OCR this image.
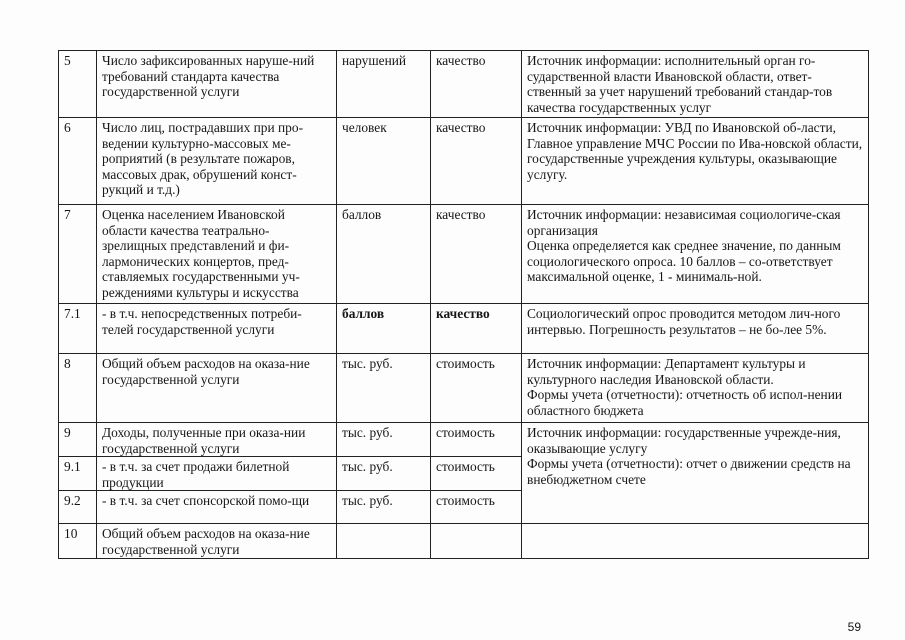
5	Число зафиксированных наруше-ний требований стандарта качества государственной услуги	нарушений	качество	Источник информации: исполнительный орган го-сударственной власти Ивановской области, ответ-ственный за учет нарушений требований стандар-тов качества государственных услуг
6	Число лиц, пострадавших при про-ведении культурно-массовых ме-роприятий (в результате пожаров, массовых драк, обрушений конст-рукций и т.д.)	человек	качество	Источник информации: УВД по Ивановской об-ласти, Главное управление МЧС России по Ива-новской области, государственные учреждения культуры, оказывающие услугу.
7	Оценка населением Ивановской области качества театрально-зрелищных представлений и фи-лармонических концертов, пред-ставляемых государственными уч-реждениями культуры и искусства	баллов	качество	Источник информации: независимая социологиче-ская организация
Оценка определяется как среднее значение, по данным социологического опроса. 10 баллов – со-ответствует максимальной оценке, 1 - минималь-ной.

7.1	- в т.ч. непосредственных потреби-телей государственной услуги	баллов	качество	Социологический опрос проводится методом лич-ного интервью. Погрешность результатов – не бо-лее 5%.
8	Общий объем расходов на оказа-ние государственной услуги	тыс. руб.	стоимость	Источник информации: Департамент культуры и культурного наследия Ивановской области.
Формы учета (отчетности): отчетность об испол-нении областного бюджета

9	Доходы, полученные при оказа-нии государственной услуги	тыс. руб.	стоимость	Источник информации: государственные учрежде-ния, оказывающие услугу
Формы учета (отчетности): отчет о движении средств на внебюджетном счете

9.1	- в т.ч. за счет продажи билетной продукции	тыс. руб.	стоимость	
9.2	- в т.ч. за счет спонсорской помо-щи	тыс. руб.	стоимость	
10	Общий объем расходов на оказа-ние государственной услуги			
59
